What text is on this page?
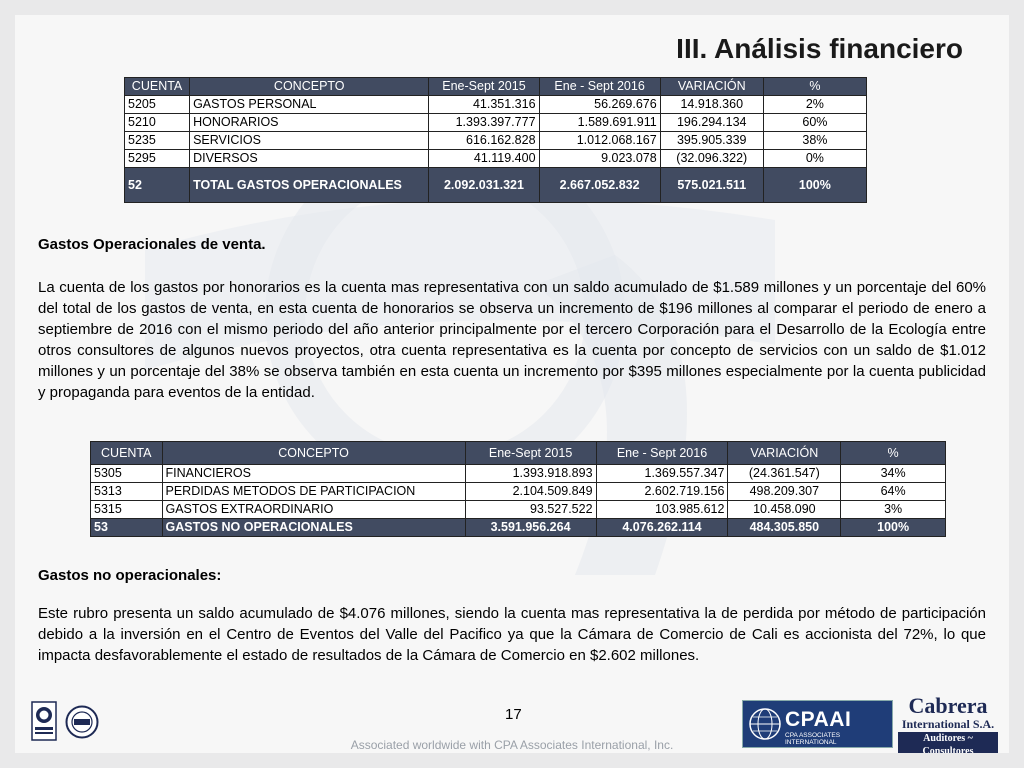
III. Análisis financiero
CUENTA	CONCEPTO	Ene-Sept 2015	Ene - Sept 2016	VARIACIÓN	%
5205	GASTOS PERSONAL	41.351.316	56.269.676	14.918.360	2%
5210	HONORARIOS	1.393.397.777	1.589.691.911	196.294.134	60%
5235	SERVICIOS	616.162.828	1.012.068.167	395.905.339	38%
5295	DIVERSOS	41.119.400	9.023.078	(32.096.322)	0%
52	TOTAL GASTOS OPERACIONALES	2.092.031.321	2.667.052.832	575.021.511	100%
Gastos Operacionales de venta.
La cuenta de los gastos por honorarios es la cuenta mas representativa con un saldo acumulado de $1.589 millones y un porcentaje del 60% del total de los gastos de venta, en esta cuenta de honorarios se observa un incremento de $196 millones al comparar el periodo de enero a septiembre de 2016 con el mismo periodo del año anterior principalmente por el tercero Corporación para el Desarrollo de la Ecología entre otros consultores de algunos nuevos proyectos, otra cuenta representativa es la cuenta por concepto de servicios con un saldo de $1.012 millones y un porcentaje del 38% se observa también en esta cuenta un incremento por $395 millones especialmente por la cuenta publicidad y propaganda para eventos de la entidad.
CUENTA	CONCEPTO	Ene-Sept 2015	Ene - Sept 2016	VARIACIÓN	%
5305	FINANCIEROS	1.393.918.893	1.369.557.347	(24.361.547)	34%
5313	PERDIDAS METODOS DE PARTICIPACION	2.104.509.849	2.602.719.156	498.209.307	64%
5315	GASTOS EXTRAORDINARIO	93.527.522	103.985.612	10.458.090	3%
53	GASTOS NO OPERACIONALES	3.591.956.264	4.076.262.114	484.305.850	100%
Gastos no operacionales:
Este rubro presenta un saldo acumulado de $4.076 millones, siendo la cuenta mas representativa la de perdida por método de participación debido a la inversión en el Centro de Eventos del Valle del Pacifico ya que la Cámara de Comercio de Cali es accionista del 72%, lo que impacta desfavorablemente el estado de resultados de la Cámara de Comercio en $2.602 millones.
17
Associated worldwide with CPA Associates International, Inc.
CPAAI
CPA ASSOCIATES INTERNATIONAL
Cabrera
International S.A.
Auditores ~ Consultores
